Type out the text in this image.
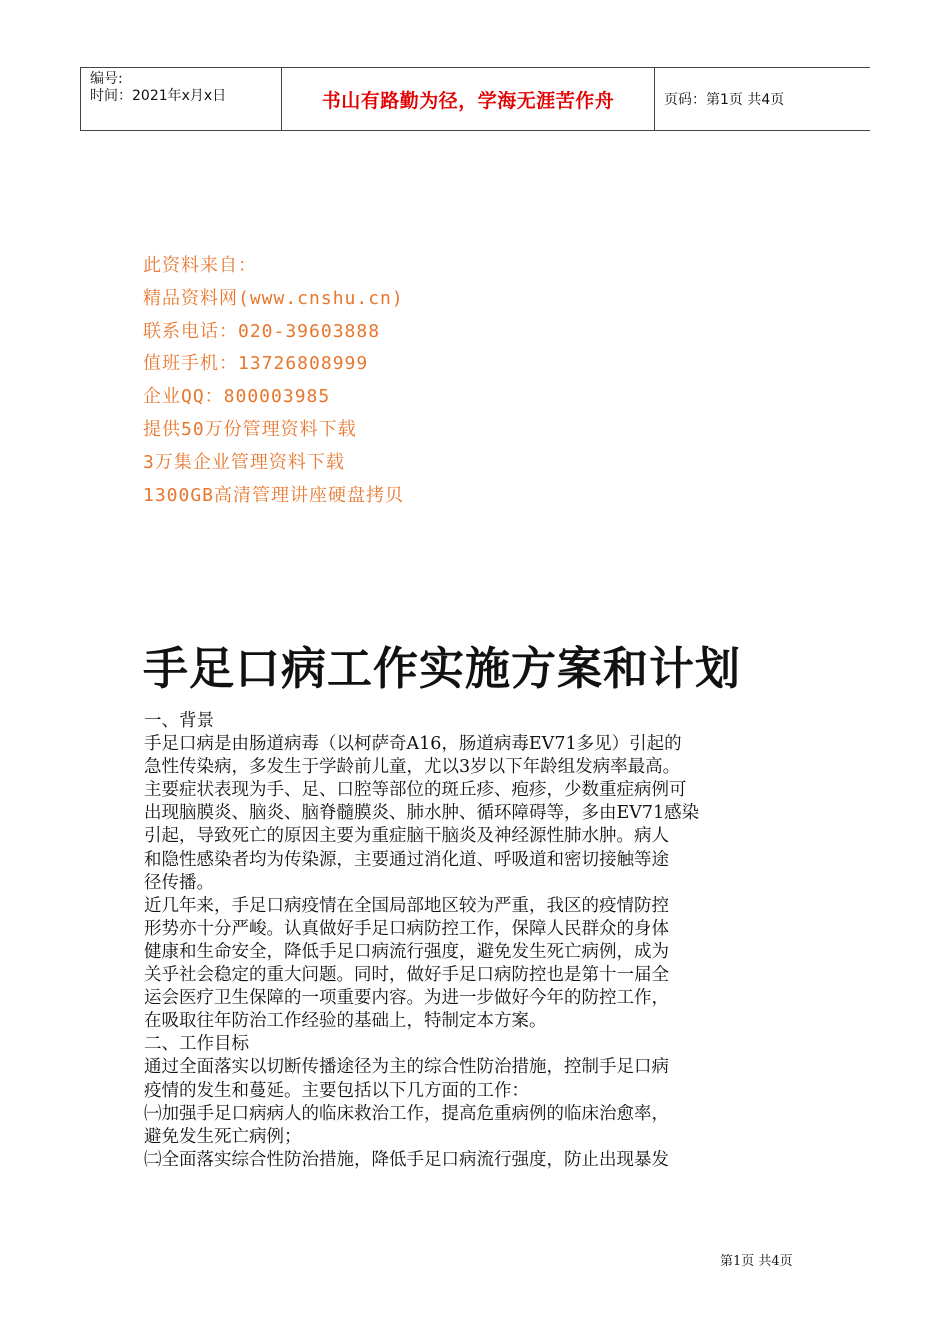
编号:
时间：2021年x月x日	书山有路勤为径，学海无涯苦作舟	页码：第1页 共4页
此资料来自：
精品资料网(www.cnshu.cn)
联系电话：020-39603888
值班手机：13726808999
企业QQ：800003985
提供50万份管理资料下载
3万集企业管理资料下载
1300GB高清管理讲座硬盘拷贝
手足口病工作实施方案和计划
一、背景
手足口病是由肠道病毒（以柯萨奇A16，肠道病毒EV71多见）引起的
急性传染病，多发生于学龄前儿童，尤以3岁以下年龄组发病率最高。
主要症状表现为手、足、口腔等部位的斑丘疹、疱疹，少数重症病例可
出现脑膜炎、脑炎、脑脊髓膜炎、肺水肿、循环障碍等，多由EV71感染
引起，导致死亡的原因主要为重症脑干脑炎及神经源性肺水肿。病人
和隐性感染者均为传染源，主要通过消化道、呼吸道和密切接触等途
径传播。
近几年来，手足口病疫情在全国局部地区较为严重，我区的疫情防控
形势亦十分严峻。认真做好手足口病防控工作，保障人民群众的身体
健康和生命安全，降低手足口病流行强度，避免发生死亡病例，成为
关乎社会稳定的重大问题。同时，做好手足口病防控也是第十一届全
运会医疗卫生保障的一项重要内容。为进一步做好今年的防控工作，
在吸取往年防治工作经验的基础上，特制定本方案。
二、工作目标
通过全面落实以切断传播途径为主的综合性防治措施，控制手足口病
疫情的发生和蔓延。主要包括以下几方面的工作：
㈠加强手足口病病人的临床救治工作，提高危重病例的临床治愈率，
避免发生死亡病例；
㈡全面落实综合性防治措施，降低手足口病流行强度，防止出现暴发
第1页 共4页
